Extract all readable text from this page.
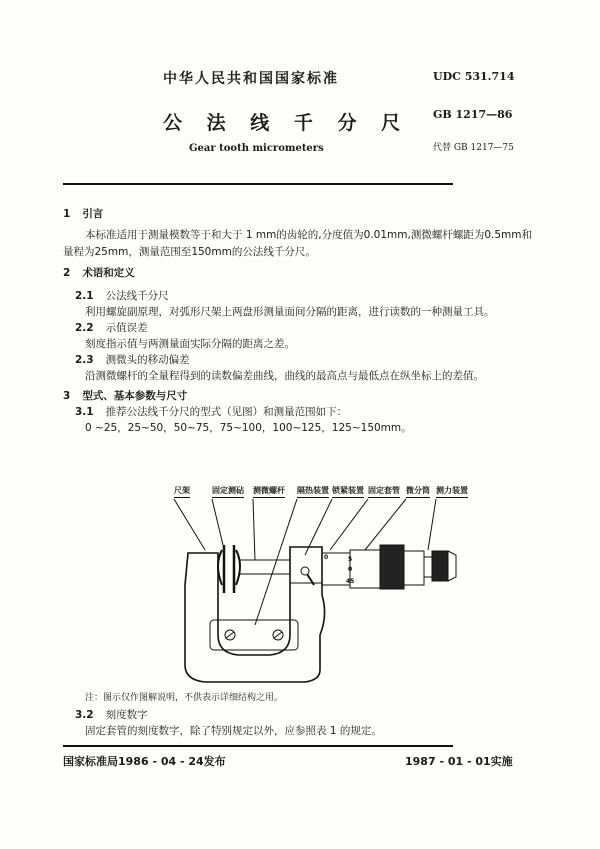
中华人民共和国国家标准
公 法 线 千 分 尺
Gear tooth micrometers
UDC 531.714
GB 1217—86
代替 GB 1217—75
1 引言
本标准适用于测量模数等于和大于 1 mm的齿轮的,分度值为0.01mm,测微螺杆螺距为0.5mm和
量程为25mm，测量范围至150mm的公法线千分尺。
2 术语和定义
2.1 公法线千分尺
利用螺旋副原理，对弧形尺架上两盘形测量面间分隔的距离，进行读数的一种测量工具。
2.2 示值误差
刻度指示值与两测量面实际分隔的距离之差。
2.3 测微头的移动偏差
沿测微螺杆的全量程得到的读数偏差曲线，曲线的最高点与最低点在纵坐标上的差值。
3 型式、基本参数与尺寸
3.1 推荐公法线千分尺的型式（见图）和测量范围如下：
0 ~25，25~50，50~75，75~100，100~125，125~150mm。
尺架	固定测砧 测微螺杆 隔热装置 锁紧装置 固定套管 微分筒 测力装置
0	5
0
45
注：图示仅作图解说明，不供表示详细结构之用。
3.2 刻度数字
固定套管的刻度数字，除了特别规定以外，应参照表 1 的规定。
国家标准局1986 - 04 - 24发布	1987 - 01 - 01实施
